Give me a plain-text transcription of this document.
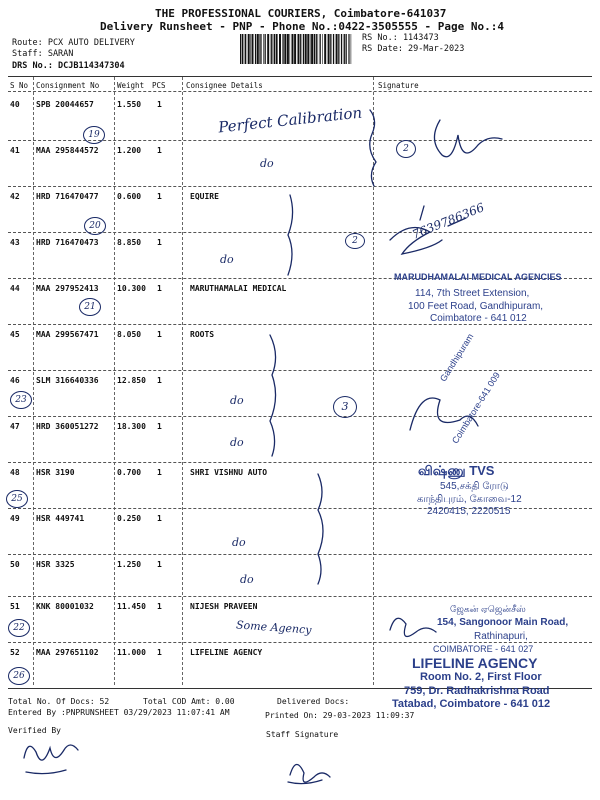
THE PROFESSIONAL COURIERS, Coimbatore-641037
Delivery Runsheet - PNP - Phone No.:0422-3505555 - Page No.:4
Route: PCX AUTO DELIVERY
Staff: SARAN
DRS No.: DCJB114347304
RS No.: 1143473
RS Date: 29-Mar-2023
S No Consignment No Weight PCS	Consignee Details	Signature
40 SPB 20044657	1.550 1
41 MAA 295844572 1.200 1
42 HRD 716470477 0.600 1	EQUIRE
43 HRD 716470473 8.850 1
44 MAA 297952413 10.300 1	MARUTHAMALAI MEDICAL
45 MAA 299567471 8.050 1	ROOTS
46 SLM 316640336 12.850 1
47 HRD 360051272 18.300 1
48 HSR 3190	0.700 1	SHRI VISHNU AUTO
49 HSR 449741	0.250 1
50 HSR 3325	1.250 1
51 KNK 80001032	11.450 1	NIJESH PRAVEEN
52 MAA 297651102 11.000 1	LIFELINE AGENCY
Total No. Of Docs: 52	Total COD Amt: 0.00	Delivered Docs:
Entered By :PNPRUNSHEET 03/29/2023 11:07:41 AM	Printed On: 29-03-2023 11:09:37
Verified By	Staff Signature
Perfect Calibration
do
do
do
do
do
do
Some Agency
7639786366
19
20
21
23
25
22
26
2
2
3
MARUDHAMALAI MEDICAL AGENCIES
114, 7th Street Extension,
100 Feet Road, Gandhipuram,
Coimbatore - 641 012
Gandhipuram
Coimbatore-641 009
விஷ்ணு TVS
545,சக்தி ரோடு
காந்திபுரம், கோவை-12
2420415, 2220515
ஜேகன் ஏஜென்சீஸ்
154, Sangonoor Main Road,
Rathinapuri,
COIMBATORE - 641 027
LIFELINE AGENCY
Room No. 2, First Floor
759, Dr. Radhakrishna Road
Tatabad, Coimbatore - 641 012
